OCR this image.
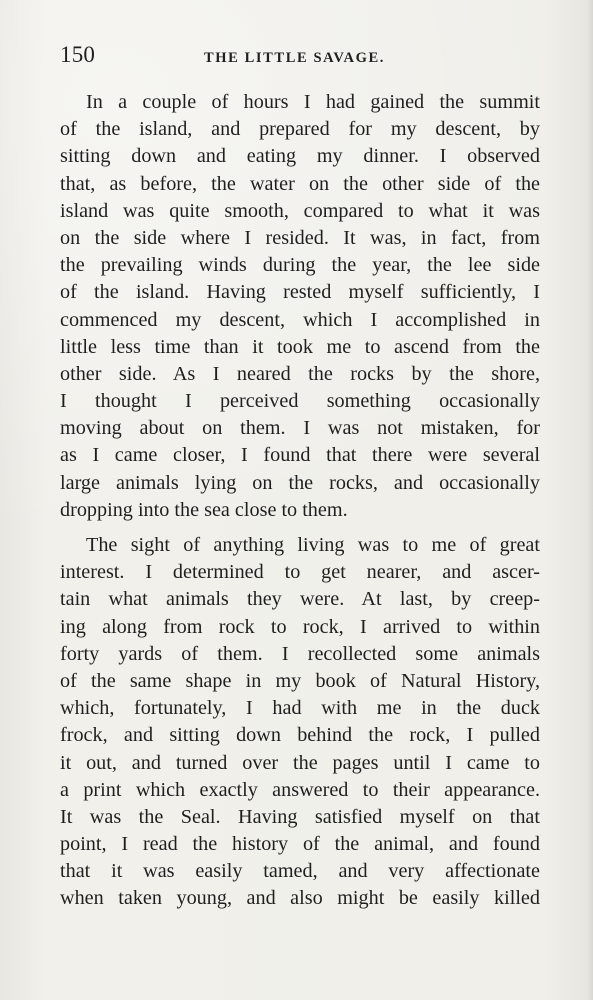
150	THE LITTLE SAVAGE.
In a couple of hours I had gained the summit
of the island, and prepared for my descent, by
sitting down and eating my dinner. I observed
that, as before, the water on the other side of the
island was quite smooth, compared to what it was
on the side where I resided. It was, in fact, from
the prevailing winds during the year, the lee side
of the island. Having rested myself sufficiently, I
commenced my descent, which I accomplished in
little less time than it took me to ascend from the
other side. As I neared the rocks by the shore,
I thought I perceived something occasionally
moving about on them. I was not mistaken, for
as I came closer, I found that there were several
large animals lying on the rocks, and occasionally
dropping into the sea close to them.
The sight of anything living was to me of great
interest. I determined to get nearer, and ascer-
tain what animals they were. At last, by creep-
ing along from rock to rock, I arrived to within
forty yards of them. I recollected some animals
of the same shape in my book of Natural History,
which, fortunately, I had with me in the duck
frock, and sitting down behind the rock, I pulled
it out, and turned over the pages until I came to
a print which exactly answered to their appearance.
It was the Seal. Having satisfied myself on that
point, I read the history of the animal, and found
that it was easily tamed, and very affectionate
when taken young, and also might be easily killed
